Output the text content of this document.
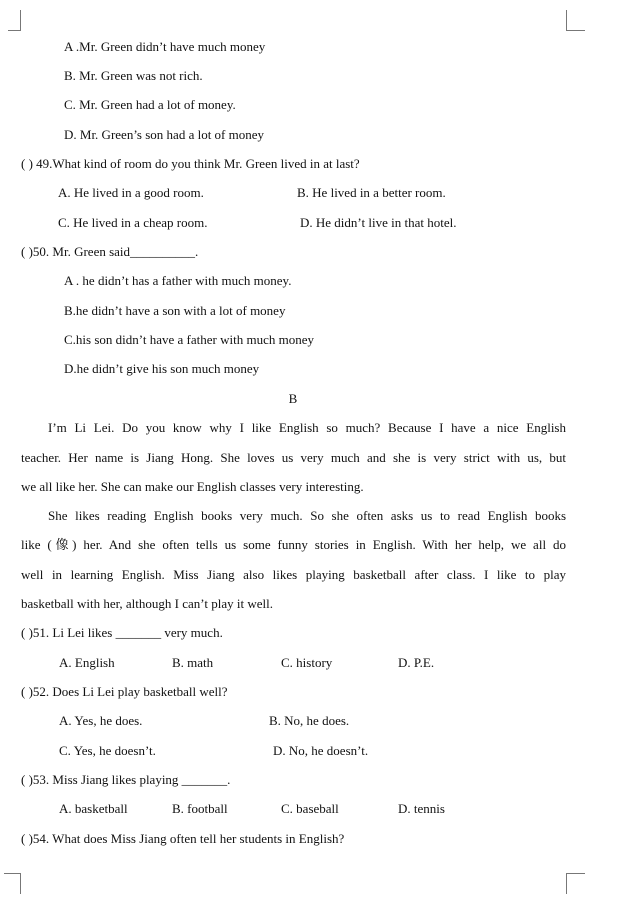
A .Mr. Green didn’t have much money
B. Mr. Green was not rich.
C. Mr. Green had a lot of money.
D. Mr. Green’s son had a lot of money
( ) 49.What kind of room do you think Mr. Green lived in at last?
A. He lived in a good room.	B. He lived in a better room.
C. He lived in a cheap room.	D. He didn’t live in that hotel.
( )50. Mr. Green said__________.
A . he didn’t has a father with much money.
B.he didn’t have a son with a lot of money
C.his son didn’t have a father with much money
D.he didn’t give his son much money
B
I’m Li Lei. Do you know why I like English so much? Because I have a nice English
teacher. Her name is Jiang Hong. She loves us very much and she is very strict with us, but
we all like her. She can make our English classes very interesting.
She likes reading English books very much. So she often asks us to read English books
like (像) her. And she often tells us some funny stories in English. With her help, we all do
well in learning English. Miss Jiang also likes playing basketball after class. I like to play
basketball with her, although I can’t play it well.
( )51. Li Lei likes _______ very much.
A. English	B. math	C. history	D. P.E.
( )52. Does Li Lei play basketball well?
A. Yes, he does.	B. No, he does.
C. Yes, he doesn’t.	D. No, he doesn’t.
( )53. Miss Jiang likes playing _______.
A. basketball	B. football	C. baseball	D. tennis
( )54. What does Miss Jiang often tell her students in English?
